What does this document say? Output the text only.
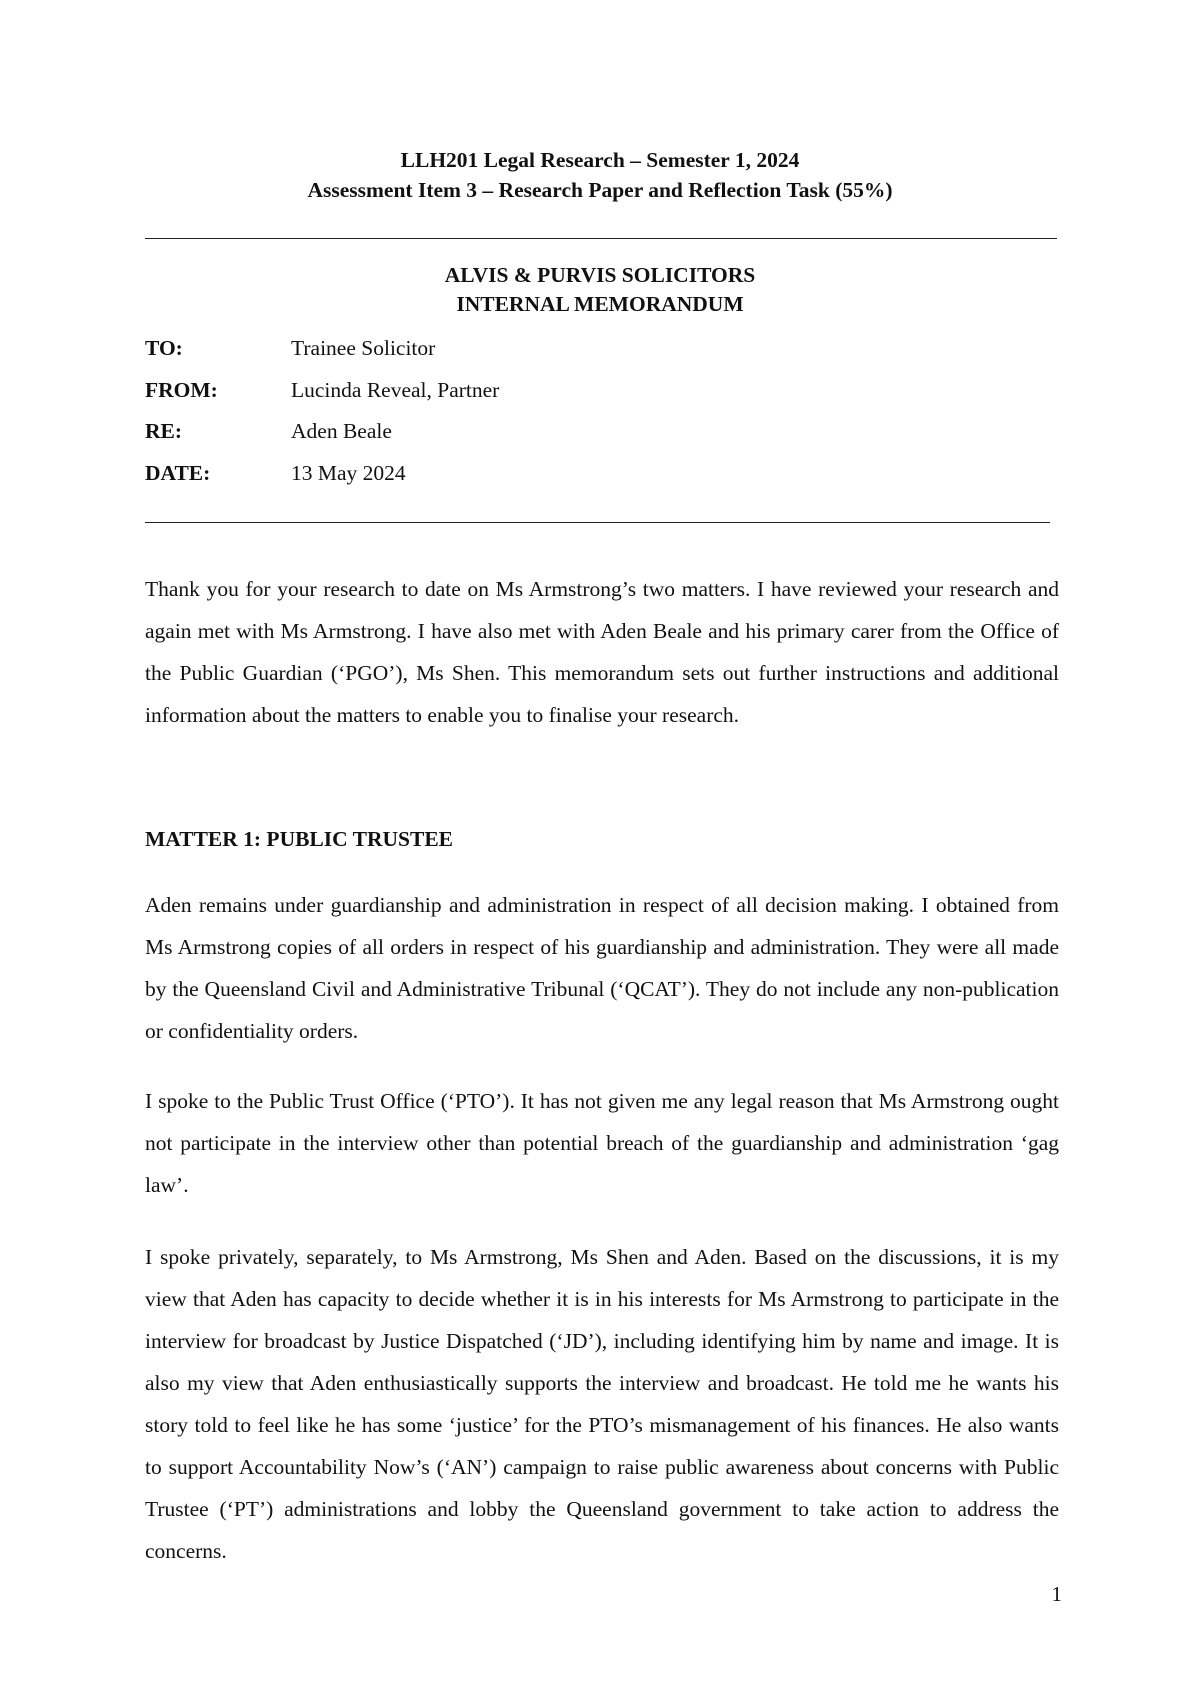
LLH201 Legal Research – Semester 1, 2024
Assessment Item 3 – Research Paper and Reflection Task (55%)
ALVIS & PURVIS SOLICITORS
INTERNAL MEMORANDUM
TO:	Trainee Solicitor
FROM:	Lucinda Reveal, Partner
RE:	Aden Beale
DATE:	13 May 2024

Thank you for your research to date on Ms Armstrong’s two matters. I have reviewed your research and again met with Ms Armstrong. I have also met with Aden Beale and his primary carer from the Office of the Public Guardian (‘PGO’), Ms Shen. This memorandum sets out further instructions and additional information about the matters to enable you to finalise your research.

MATTER 1: PUBLIC TRUSTEE

Aden remains under guardianship and administration in respect of all decision making. I obtained from Ms Armstrong copies of all orders in respect of his guardianship and administration. They were all made by the Queensland Civil and Administrative Tribunal (‘QCAT’). They do not include any non-publication or confidentiality orders.

I spoke to the Public Trust Office (‘PTO’). It has not given me any legal reason that Ms Armstrong ought not participate in the interview other than potential breach of the guardianship and administration ‘gag law’.

I spoke privately, separately, to Ms Armstrong, Ms Shen and Aden. Based on the discussions, it is my view that Aden has capacity to decide whether it is in his interests for Ms Armstrong to participate in the interview for broadcast by Justice Dispatched (‘JD’), including identifying him by name and image. It is also my view that Aden enthusiastically supports the interview and broadcast. He told me he wants his story told to feel like he has some ‘justice’ for the PTO’s mismanagement of his finances. He also wants to support Accountability Now’s (‘AN’) campaign to raise public awareness about concerns with Public Trustee (‘PT’) administrations and lobby the Queensland government to take action to address the concerns.

1
